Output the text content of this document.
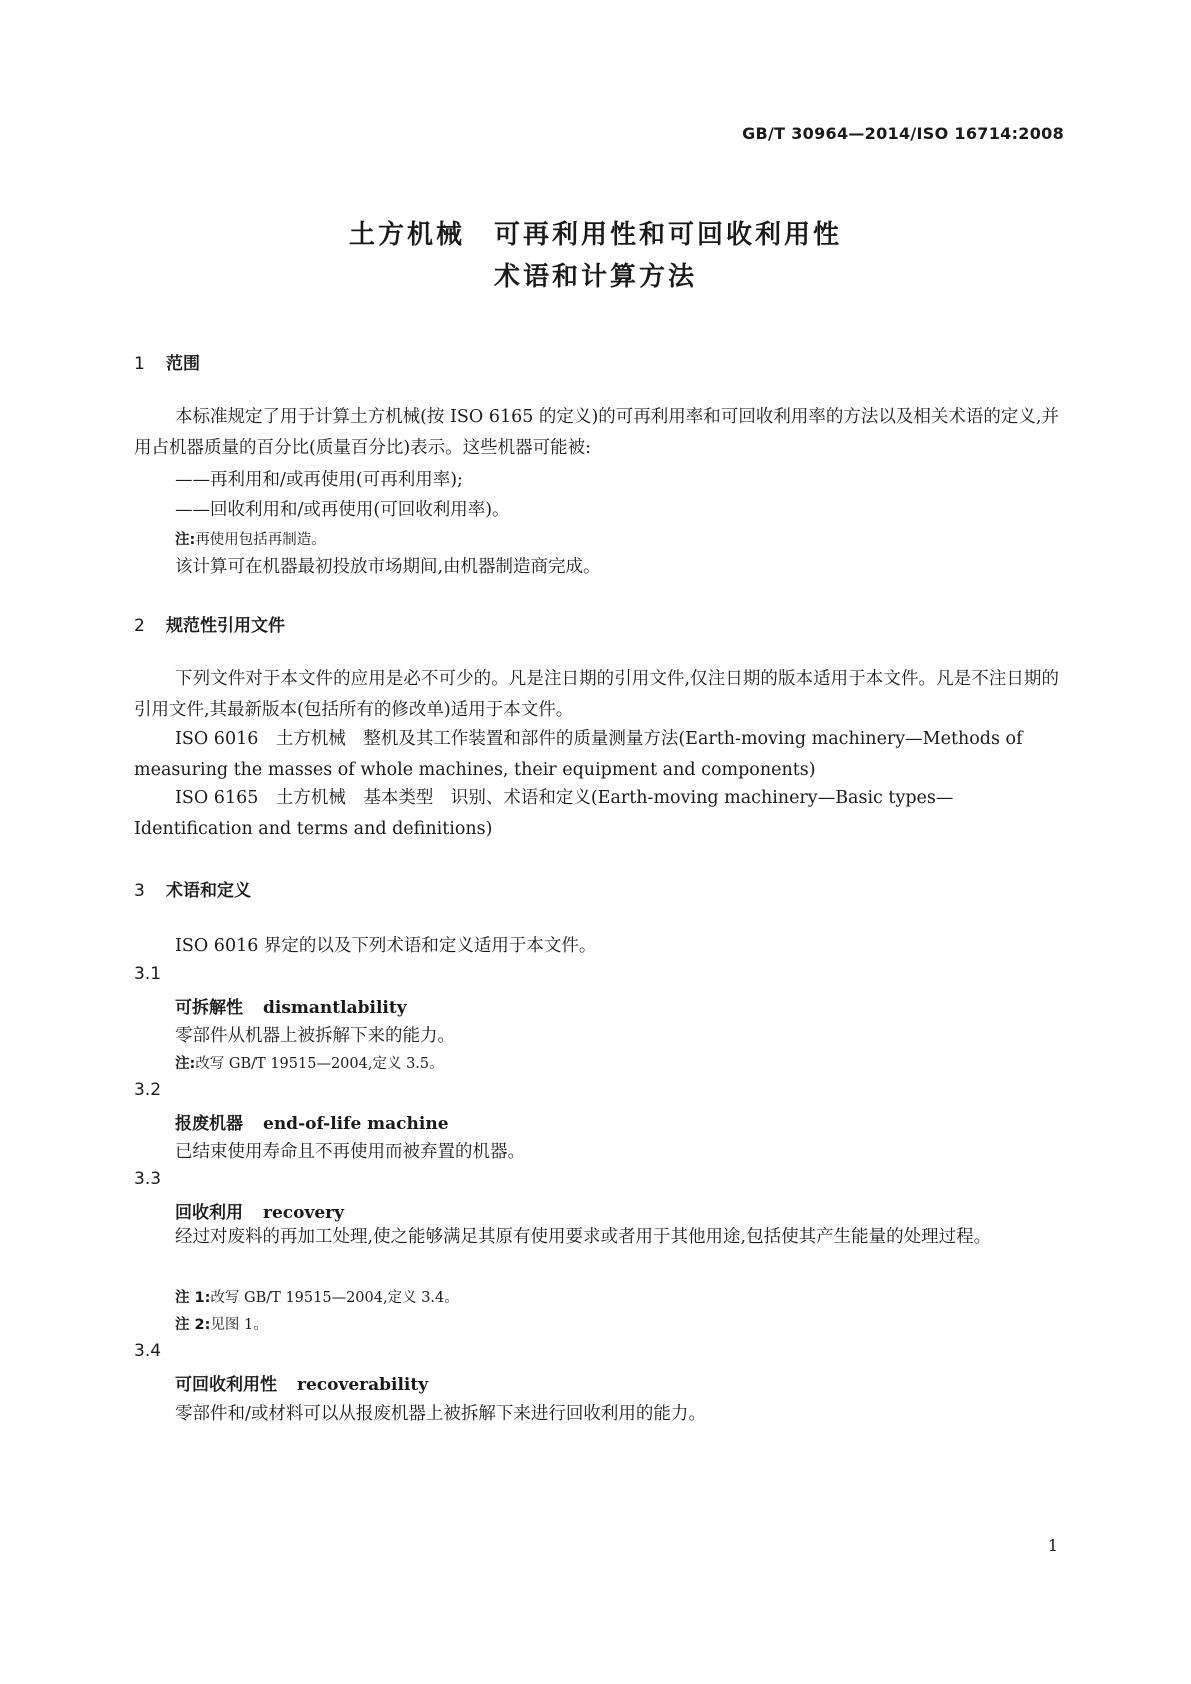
GB/T 30964—2014/ISO 16714:2008
土方机械　可再利用性和可回收利用性
术语和计算方法
1 范围
本标准规定了用于计算土方机械(按 ISO 6165 的定义)的可再利用率和可回收利用率的方法以及相关术语的定义,并用占机器质量的百分比(质量百分比)表示。这些机器可能被:
——再利用和/或再使用(可再利用率);
——回收利用和/或再使用(可回收利用率)。
注:再使用包括再制造。
该计算可在机器最初投放市场期间,由机器制造商完成。
2 规范性引用文件
下列文件对于本文件的应用是必不可少的。凡是注日期的引用文件,仅注日期的版本适用于本文件。凡是不注日期的引用文件,其最新版本(包括所有的修改单)适用于本文件。
ISO 6016　土方机械　整机及其工作装置和部件的质量测量方法(Earth-moving machinery—Methods of measuring the masses of whole machines, their equipment and components)
ISO 6165　土方机械　基本类型　识别、术语和定义(Earth-moving machinery—Basic types—Identification and terms and definitions)
3 术语和定义
ISO 6016 界定的以及下列术语和定义适用于本文件。
3.1
可拆解性 dismantlability
零部件从机器上被拆解下来的能力。
注:改写 GB/T 19515—2004,定义 3.5。
3.2
报废机器 end-of-life machine
已结束使用寿命且不再使用而被弃置的机器。
3.3
回收利用 recovery
经过对废料的再加工处理,使之能够满足其原有使用要求或者用于其他用途,包括使其产生能量的处理过程。
注 1:改写 GB/T 19515—2004,定义 3.4。
注 2:见图 1。
3.4
可回收利用性 recoverability
零部件和/或材料可以从报废机器上被拆解下来进行回收利用的能力。
1
